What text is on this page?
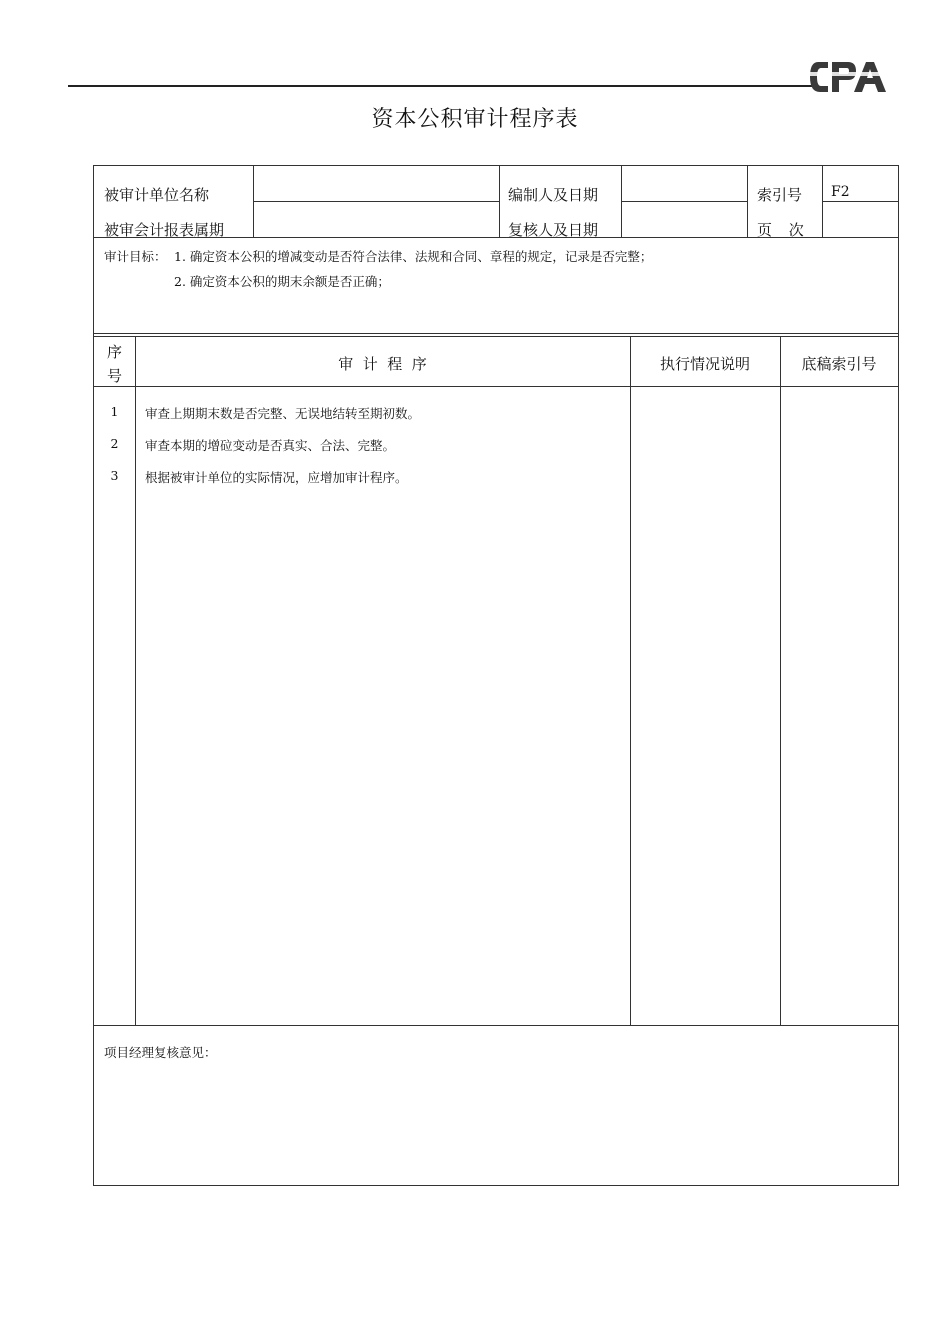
CPA
资本公积审计程序表
被审计单位名称	编制人及日期	索引号 F2
被审会计报表属期	复核人及日期	页 次
审计目标： 1. 确定资本公积的增减变动是否符合法律、法规和合同、章程的规定，记录是否完整；
2. 确定资本公积的期末余额是否正确；
序
号
审  计  程  序	执行情况说明	底稿索引号
1	审查上期期末数是否完整、无误地结转至期初数。
2	审查本期的增砬变动是否真实、合法、完整。
3	根据被审计单位的实际情况，应增加审计程序。
项目经理复核意见：
